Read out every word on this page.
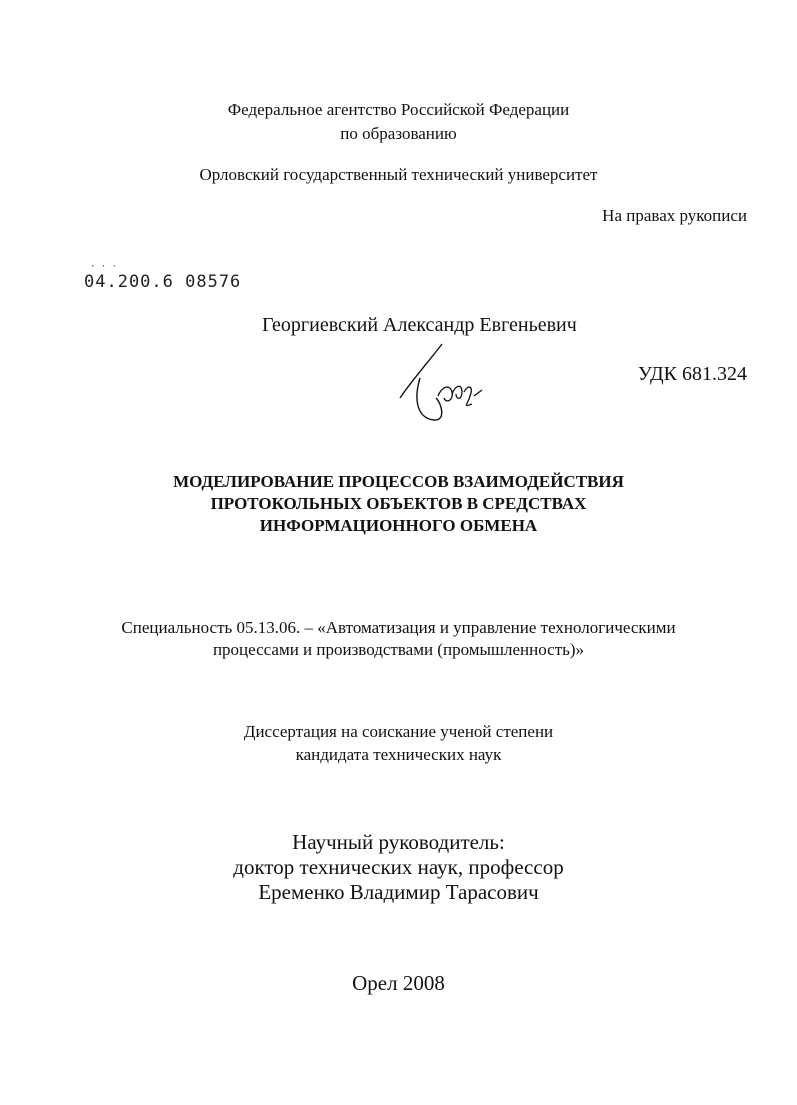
Федеральное агентство Российской Федерации
по образованию
Орловский государственный технический университет
На правах рукописи
· · ·
04.200.6 08576
Георгиевский Александр Евгеньевич
УДК 681.324
МОДЕЛИРОВАНИЕ ПРОЦЕССОВ ВЗАИМОДЕЙСТВИЯ
ПРОТОКОЛЬНЫХ ОБЪЕКТОВ В СРЕДСТВАХ
ИНФОРМАЦИОННОГО ОБМЕНА
Специальность 05.13.06. – «Автоматизация и управление технологическими
процессами и производствами (промышленность)»
Диссертация на соискание ученой степени
кандидата технических наук
Научный руководитель:
доктор технических наук, профессор
Еременко Владимир Тарасович
Орел 2008
